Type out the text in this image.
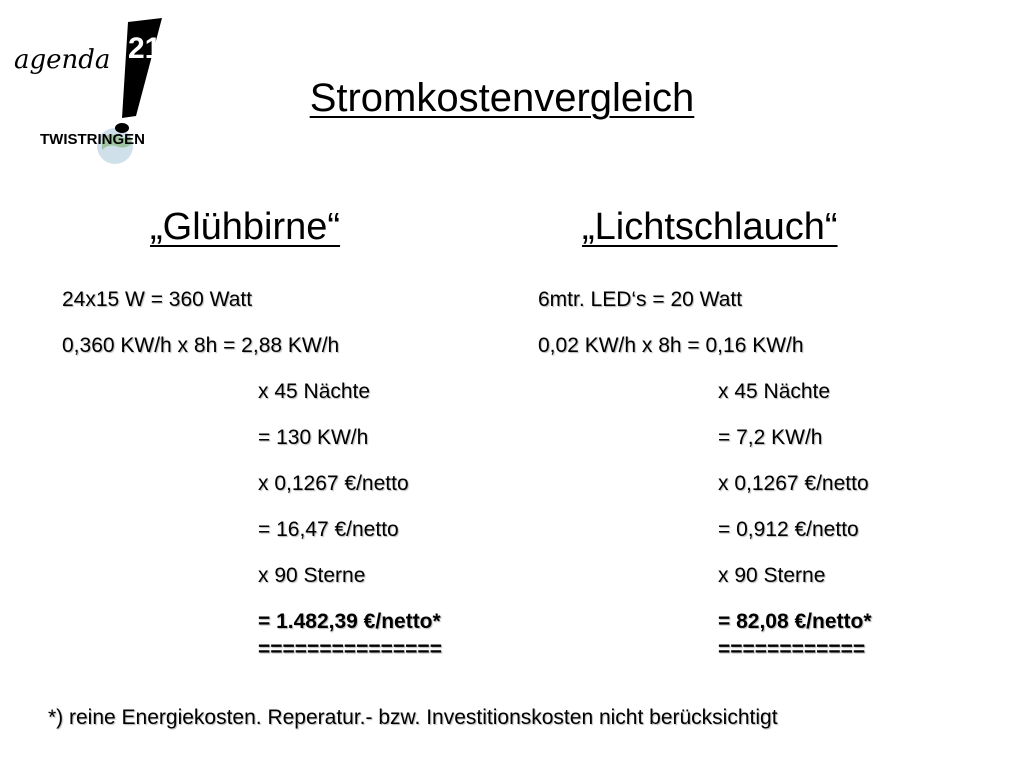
agenda 21
TWISTRINGEN
Stromkostenvergleich
„Glühbirne“	„Lichtschlauch“
24x15 W = 360 Watt
0,360 KW/h x 8h = 2,88 KW/h
x 45 Nächte
= 130 KW/h
x 0,1267 €/netto
= 16,47 €/netto
x 90 Sterne
= 1.482,39 €/netto*
===============
6mtr. LED‘s = 20 Watt
0,02 KW/h x 8h = 0,16 KW/h
x 45 Nächte
= 7,2 KW/h
x 0,1267 €/netto
= 0,912 €/netto
x 90 Sterne
= 82,08 €/netto*
============
*) reine Energiekosten. Reperatur.- bzw. Investitionskosten nicht berücksichtigt
